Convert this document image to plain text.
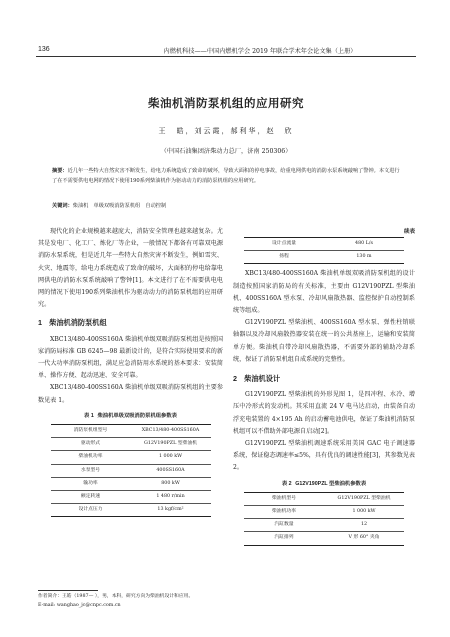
136	内燃机科技——中国内燃机学会 2019 年联合学术年会论文集（上册）
柴油机消防泵机组的应用研究
王　皓，刘云霞，郝利华，赵　欣
（中国石油集团济柴动力总厂，济南 250306）
摘要：近几年一些特大自然灾害不断发生，给电力系统造成了致命的破坏，导致大面积的停电事故，给重电网供电的消防水泵系统敲响了警钟。本文进行了在不需要供电电网的情况下使用190系列柴油机作为驱动动力的消防泵机组的应用研究。
关键词：柴油机　单级双吸消防泵机组　自动控制

现代化的企业规模越来越庞大，消防安全管理也越来越复杂。尤其是发电厂、化工厂、炼化厂等企业，一般情况下都备有可靠双电源消防水泵系统，但是近几年一些特大自然灾害不断发生，例如雪灾、火灾、地震等，给电力系统造成了致命的破坏，大面积的停电给靠电网供电的消防水泵系统敲响了警钟[1]。本文进行了在不需要供电电网的情况下使用190系列柴油机作为驱动动力的消防泵机组的应用研究。

1　柴油机消防泵机组

XBC13/480-400SS160A 柴油机单级双吸消防泵机组是按照国家消防局标准 GB 6245—98 最新设计的，是符合实际使用要求的新一代大功率消防泵机组，满足应急消防用水系统的基本要求：安装简单、操作方便、起动迅速、安全可靠。

XBC13/480-400SS160A 柴油机单级双吸消防泵机组的主要参数见表 1。

表 1 柴油机单级双吸消防泵机组参数表
消防泵机组型号	XBC13/480-400SS160A
驱动形式	G12V190PZL 型柴油机
柴油机功率	1 000 kW
水泵型号	400SS160A
输功率	800 kW
额定转速	1 480 r/min
设计点压力	13 kgf/cm²
作者简介：王皓（1987— ），男，本科，研究方向为柴油机设计和应用。
E-mail: wanghao_jc@cnpc.com.cn
续表
设计点流量	480 L/s
扬程	130 m

XBC13/480-400SS160A 柴油机单级双吸消防泵机组的设计制造按照国家消防局的有关标准，主要由 G12V190PZL 型柴油机、400SS160A 型水泵、冷却风扇散热器、监控保护自动控制系统等组成。

G12V190PZL 型柴油机、400SS160A 型水泵、弹性柱销联轴器以及冷却风扇散热器安装在统一的公共基座上，运输和安装简单方便。柴油机自带冷却风扇散热器，不需要外部的辅助冷却系统，保证了消防泵机组自成系统的完整性。

2　柴油机设计

G12V190PZL 型柴油机的外形见图 1，是四冲程、水冷、增压中冷形式的发动机。其采用直流 24 V 电马达启动，由装备自动浮充电装置的 4×195 Ah 的启动蓄电池供电，保证了柴油机消防泵机组可以不借助外部电源自启动[2]。

G12V190PZL 型柴油机调速系统采用美国 GAC 电子调速器系统，保证稳态调速率≤5%，具有优良的调速性能[3]，其参数见表 2。

表 2 G12V190PZL 型柴油机参数表
柴油机型号	G12V190PZL 型柴油机
柴油机功率	1 000 kW
汽缸数量	12
汽缸排列	V 形 60° 夹角
